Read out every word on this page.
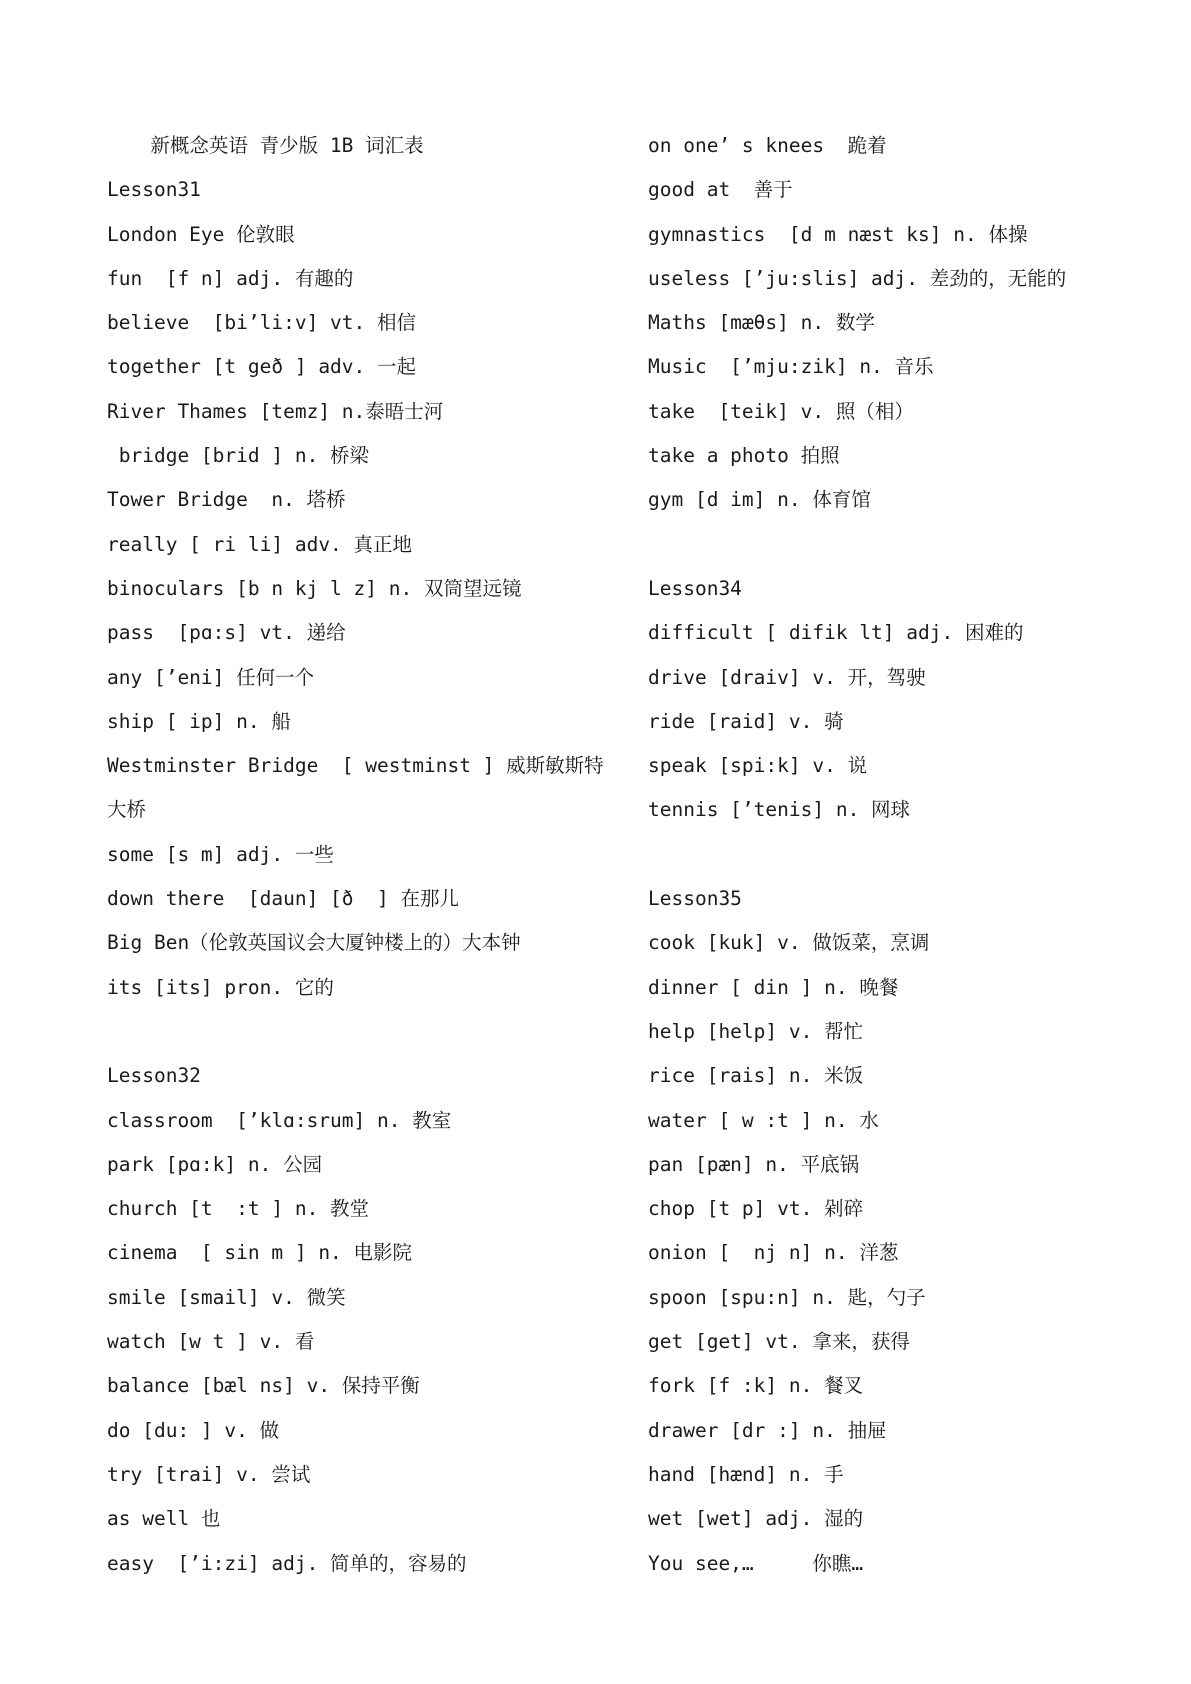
新概念英语 青少版 1B 词汇表
Lesson31
London Eye 伦敦眼
fun  [f n] adj. 有趣的
believe  [bi’li:v] vt. 相信
together [t geð ] adv. 一起
River Thames [temz] n.泰晤士河
bridge [brid ] n. 桥梁
Tower Bridge  n. 塔桥
really [ ri li] adv. 真正地
binoculars [b n kj l z] n. 双筒望远镜
pass  [pɑ:s] vt. 递给
any [’eni] 任何一个
ship [ ip] n. 船
Westminster Bridge  [ westminst ] 威斯敏斯特
大桥
some [s m] adj. 一些
down there  [daun] [ð  ] 在那儿
Big Ben（伦敦英国议会大厦钟楼上的）大本钟
its [its] pron. 它的
Lesson32
classroom  [’klɑ:srum] n. 教室
park [pɑ:k] n. 公园
church [t  :t ] n. 教堂
cinema  [ sin m ] n. 电影院
smile [smail] v. 微笑
watch [w t ] v. 看
balance [bæl ns] v. 保持平衡
do [du: ] v. 做
try [trai] v. 尝试
as well 也
easy  [’i:zi] adj. 简单的，容易的
on one’ s knees  跪着
good at  善于
gymnastics  [d m næst ks] n. 体操
useless [’ju:slis] adj. 差劲的，无能的
Maths [mæθs] n. 数学
Music  [’mju:zik] n. 音乐
take  [teik] v. 照（相）
take a photo 拍照
gym [d im] n. 体育馆
Lesson34
difficult [ difik lt] adj. 困难的
drive [draiv] v. 开，驾驶
ride [raid] v. 骑
speak [spi:k] v. 说
tennis [’tenis] n. 网球
Lesson35
cook [kuk] v. 做饭菜，烹调
dinner [ din ] n. 晚餐
help [help] v. 帮忙
rice [rais] n. 米饭
water [ w :t ] n. 水
pan [pæn] n. 平底锅
chop [t p] vt. 剁碎
onion [  nj n] n. 洋葱
spoon [spu:n] n. 匙，勺子
get [get] vt. 拿来，获得
fork [f :k] n. 餐叉
drawer [dr :] n. 抽屉
hand [hænd] n. 手
wet [wet] adj. 湿的
You see,…     你瞧…
